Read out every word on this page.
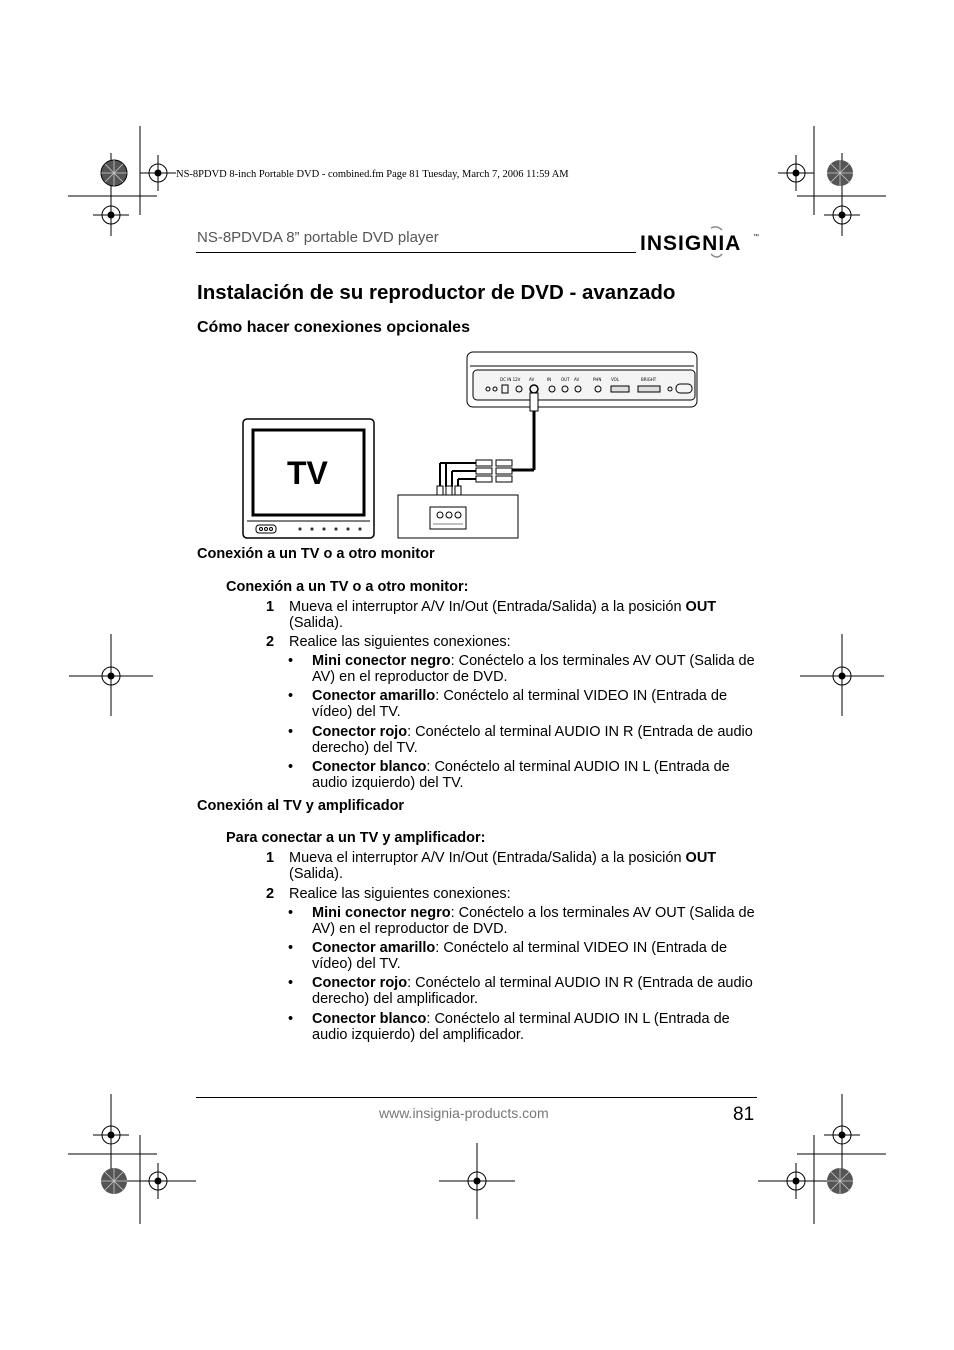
NS-8PDVD 8-inch Portable DVD - combined.fm Page 81 Tuesday, March 7, 2006 11:59 AM
NS-8PDVDA 8” portable DVD player	INSIGNIA ™
Instalación de su reproductor de DVD - avanzado
Cómo hacer conexiones opcionales
DC IN 12V AV	IN OUT AV	PHN VOL	BRIGHT
TV
Conexión a un TV o a otro monitor
Conexión a un TV o a otro monitor:
1 Mueva el interruptor A/V In/Out (Entrada/Salida) a la posición OUT (Salida).
2 Realice las siguientes conexiones:
• Mini conector negro: Conéctelo a los terminales AV OUT (Salida de AV) en el reproductor de DVD.
• Conector amarillo: Conéctelo al terminal VIDEO IN (Entrada de vídeo) del TV.
• Conector rojo: Conéctelo al terminal AUDIO IN R (Entrada de audio derecho) del TV.
• Conector blanco: Conéctelo al terminal AUDIO IN L (Entrada de audio izquierdo) del TV.
Conexión al TV y amplificador
Para conectar a un TV y amplificador:
1 Mueva el interruptor A/V In/Out (Entrada/Salida) a la posición OUT (Salida).
2 Realice las siguientes conexiones:
• Mini conector negro: Conéctelo a los terminales AV OUT (Salida de AV) en el reproductor de DVD.
• Conector amarillo: Conéctelo al terminal VIDEO IN (Entrada de vídeo) del TV.
• Conector rojo: Conéctelo al terminal AUDIO IN R (Entrada de audio derecho) del amplificador.
• Conector blanco: Conéctelo al terminal AUDIO IN L (Entrada de audio izquierdo) del amplificador.
www.insignia-products.com	81
